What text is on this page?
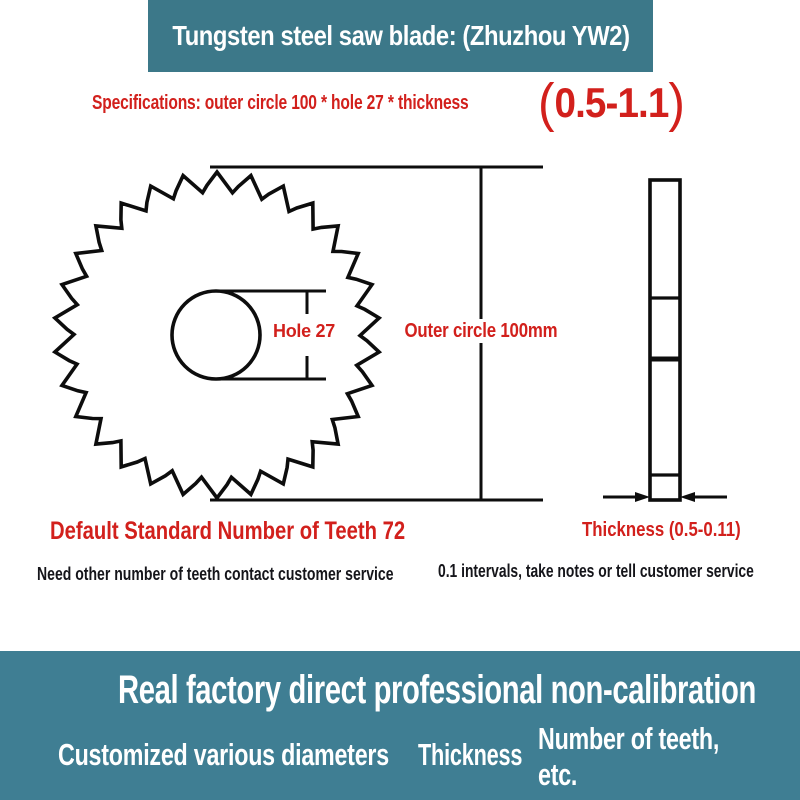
Tungsten steel saw blade: (Zhuzhou YW2)
Specifications: outer circle 100 * hole 27 * thickness ( 0.5-1.1 )
Hole 27	Outer circle 100mm
Default Standard Number of Teeth 72
Need other number of teeth contact customer service
Thickness (0.5-0.11)
0.1 intervals, take notes or tell customer service
Real factory direct professional non-calibration
Customized various diameters Thickness Number of teeth, etc.
